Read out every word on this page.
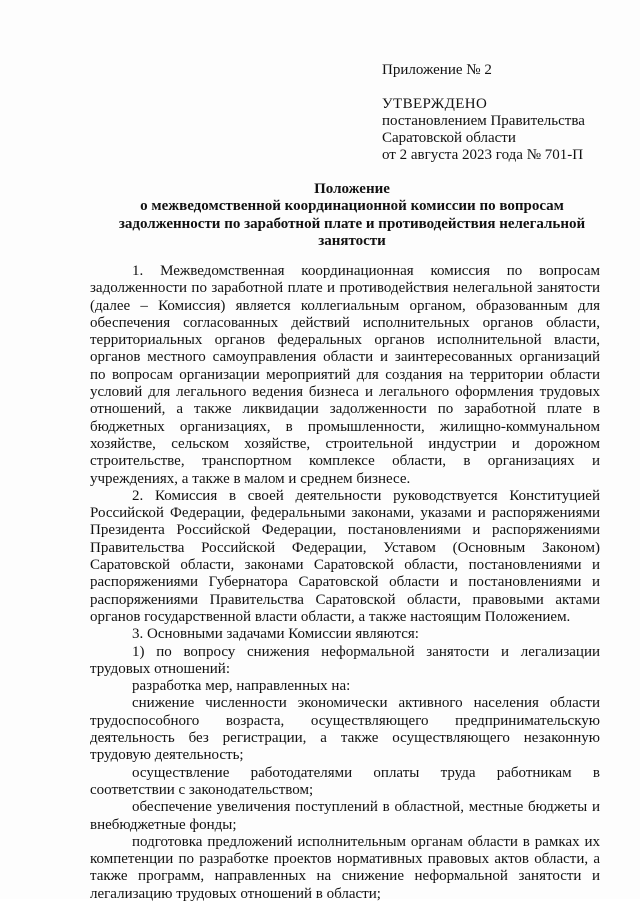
Приложение № 2
УТВЕРЖДЕНО
постановлением Правительства
Саратовской области
от 2 августа 2023 года № 701-П
Положение
о межведомственной координационной комиссии по вопросам
задолженности по заработной плате и противодействия нелегальной
занятости

1. Межведомственная координационная комиссия по вопросам задолженности по заработной плате и противодействия нелегальной занятости (далее – Комиссия) является коллегиальным органом, образованным для обеспечения согласованных действий исполнительных органов области, территориальных органов федеральных органов исполнительной власти, органов местного самоуправления области и заинтересованных организаций по вопросам организации мероприятий для создания на территории области условий для легального ведения бизнеса и легального оформления трудовых отношений, а также ликвидации задолженности по заработной плате в бюджетных организациях, в промышленности, жилищно-коммунальном хозяйстве, сельском хозяйстве, строительной индустрии и дорожном строительстве, транспортном комплексе области, в организациях и учреждениях, а также в малом и среднем бизнесе.

2. Комиссия в своей деятельности руководствуется Конституцией Российской Федерации, федеральными законами, указами и распоряжениями Президента Российской Федерации, постановлениями и распоряжениями Правительства Российской Федерации, Уставом (Основным Законом) Саратовской области, законами Саратовской области, постановлениями и распоряжениями Губернатора Саратовской области и постановлениями и распоряжениями Правительства Саратовской области, правовыми актами органов государственной власти области, а также настоящим Положением.

3. Основными задачами Комиссии являются:

1) по вопросу снижения неформальной занятости и легализации трудовых отношений:

разработка мер, направленных на:

снижение численности экономически активного населения области трудоспособного возраста, осуществляющего предпринимательскую деятельность без регистрации, а также осуществляющего незаконную трудовую деятельность;

осуществление работодателями оплаты труда работникам в соответствии с законодательством;

обеспечение увеличения поступлений в областной, местные бюджеты и внебюджетные фонды;

подготовка предложений исполнительным органам области в рамках их компетенции по разработке проектов нормативных правовых актов области, а также программ, направленных на снижение неформальной занятости и легализацию трудовых отношений в области;
